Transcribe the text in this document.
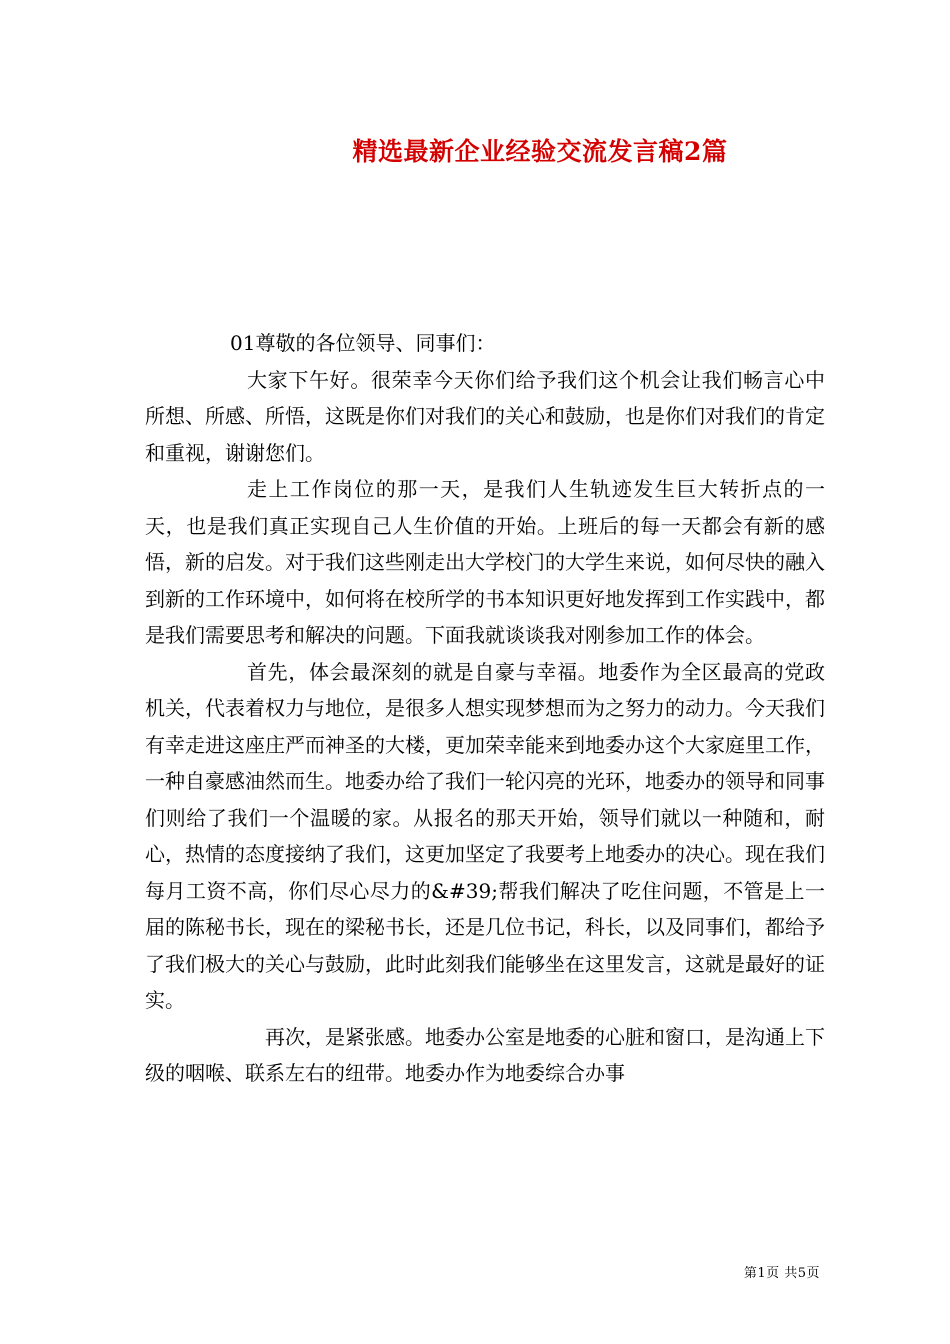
精选最新企业经验交流发言稿2篇

01尊敬的各位领导、同事们：

大家下午好。很荣幸今天你们给予我们这个机会让我们畅言心中所想、所感、所悟，这既是你们对我们的关心和鼓励，也是你们对我们的肯定和重视，谢谢您们。

走上工作岗位的那一天，是我们人生轨迹发生巨大转折点的一天，也是我们真正实现自己人生价值的开始。上班后的每一天都会有新的感悟，新的启发。对于我们这些刚走出大学校门的大学生来说，如何尽快的融入到新的工作环境中，如何将在校所学的书本知识更好地发挥到工作实践中，都是我们需要思考和解决的问题。下面我就谈谈我对刚参加工作的体会。

首先，体会最深刻的就是自豪与幸福。地委作为全区最高的党政机关，代表着权力与地位，是很多人想实现梦想而为之努力的动力。今天我们有幸走进这座庄严而神圣的大楼，更加荣幸能来到地委办这个大家庭里工作，一种自豪感油然而生。地委办给了我们一轮闪亮的光环，地委办的领导和同事们则给了我们一个温暖的家。从报名的那天开始，领导们就以一种随和，耐心，热情的态度接纳了我们，这更加坚定了我要考上地委办的决心。现在我们每月工资不高，你们尽心尽力的&#39;帮我们解决了吃住问题，不管是上一届的陈秘书长，现在的梁秘书长，还是几位书记，科长，以及同事们，都给予了我们极大的关心与鼓励，此时此刻我们能够坐在这里发言，这就是最好的证实。

再次，是紧张感。地委办公室是地委的心脏和窗口，是沟通上下级的咽喉、联系左右的纽带。地委办作为地委综合办事

第1页 共5页
